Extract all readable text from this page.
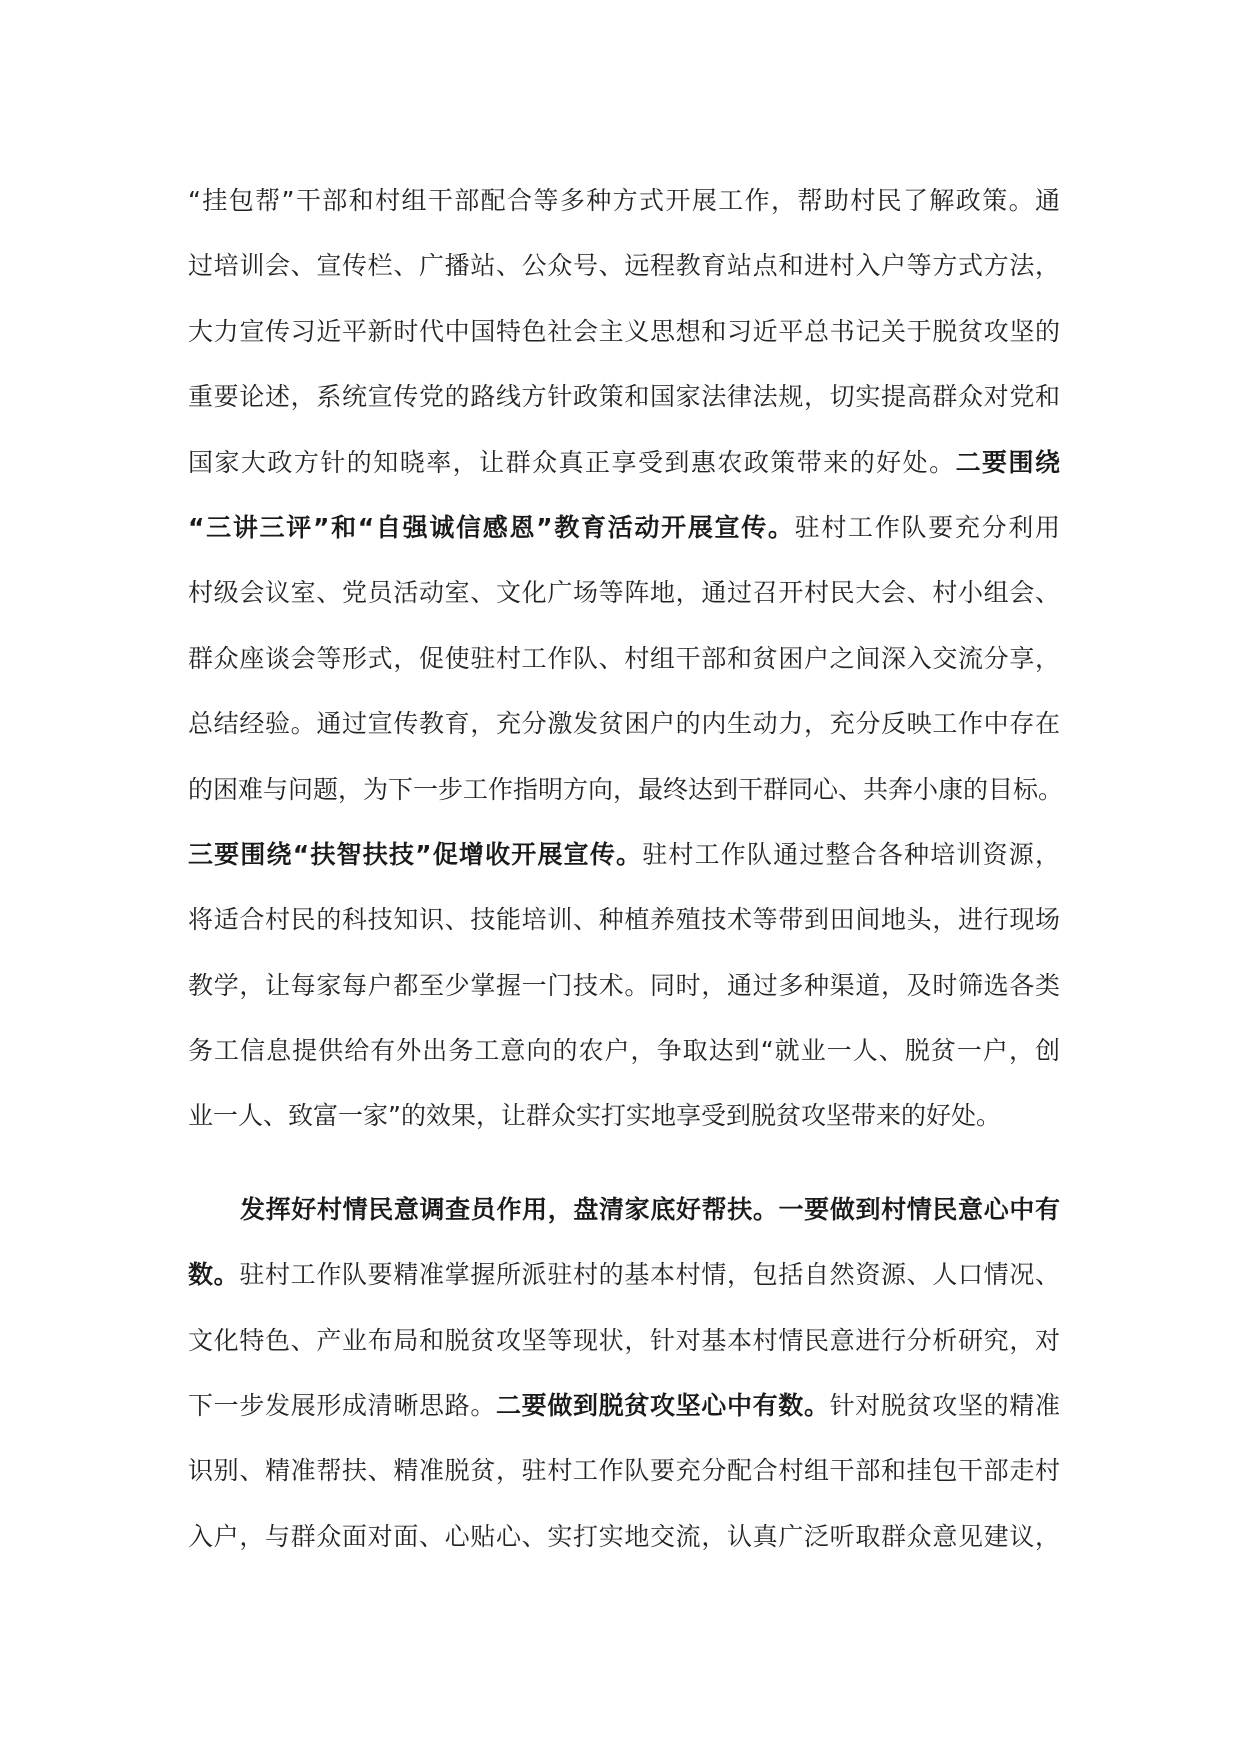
“挂包帮”干部和村组干部配合等多种方式开展工作，帮助村民了解政策。通
过培训会、宣传栏、广播站、公众号、远程教育站点和进村入户等方式方法，
大力宣传习近平新时代中国特色社会主义思想和习近平总书记关于脱贫攻坚的
重要论述，系统宣传党的路线方针政策和国家法律法规，切实提高群众对党和
国家大政方针的知晓率，让群众真正享受到惠农政策带来的好处。二要围绕
“三讲三评”和“自强诚信感恩”教育活动开展宣传。驻村工作队要充分利用
村级会议室、党员活动室、文化广场等阵地，通过召开村民大会、村小组会、
群众座谈会等形式，促使驻村工作队、村组干部和贫困户之间深入交流分享，
总结经验。通过宣传教育，充分激发贫困户的内生动力，充分反映工作中存在
的困难与问题，为下一步工作指明方向，最终达到干群同心、共奔小康的目标。
三要围绕“扶智扶技”促增收开展宣传。驻村工作队通过整合各种培训资源，
将适合村民的科技知识、技能培训、种植养殖技术等带到田间地头，进行现场
教学，让每家每户都至少掌握一门技术。同时，通过多种渠道，及时筛选各类
务工信息提供给有外出务工意向的农户，争取达到“就业一人、脱贫一户，创
业一人、致富一家”的效果，让群众实打实地享受到脱贫攻坚带来的好处。
发挥好村情民意调查员作用，盘清家底好帮扶。一要做到村情民意心中有
数。驻村工作队要精准掌握所派驻村的基本村情，包括自然资源、人口情况、
文化特色、产业布局和脱贫攻坚等现状，针对基本村情民意进行分析研究，对
下一步发展形成清晰思路。二要做到脱贫攻坚心中有数。针对脱贫攻坚的精准
识别、精准帮扶、精准脱贫，驻村工作队要充分配合村组干部和挂包干部走村
入户，与群众面对面、心贴心、实打实地交流，认真广泛听取群众意见建议，
